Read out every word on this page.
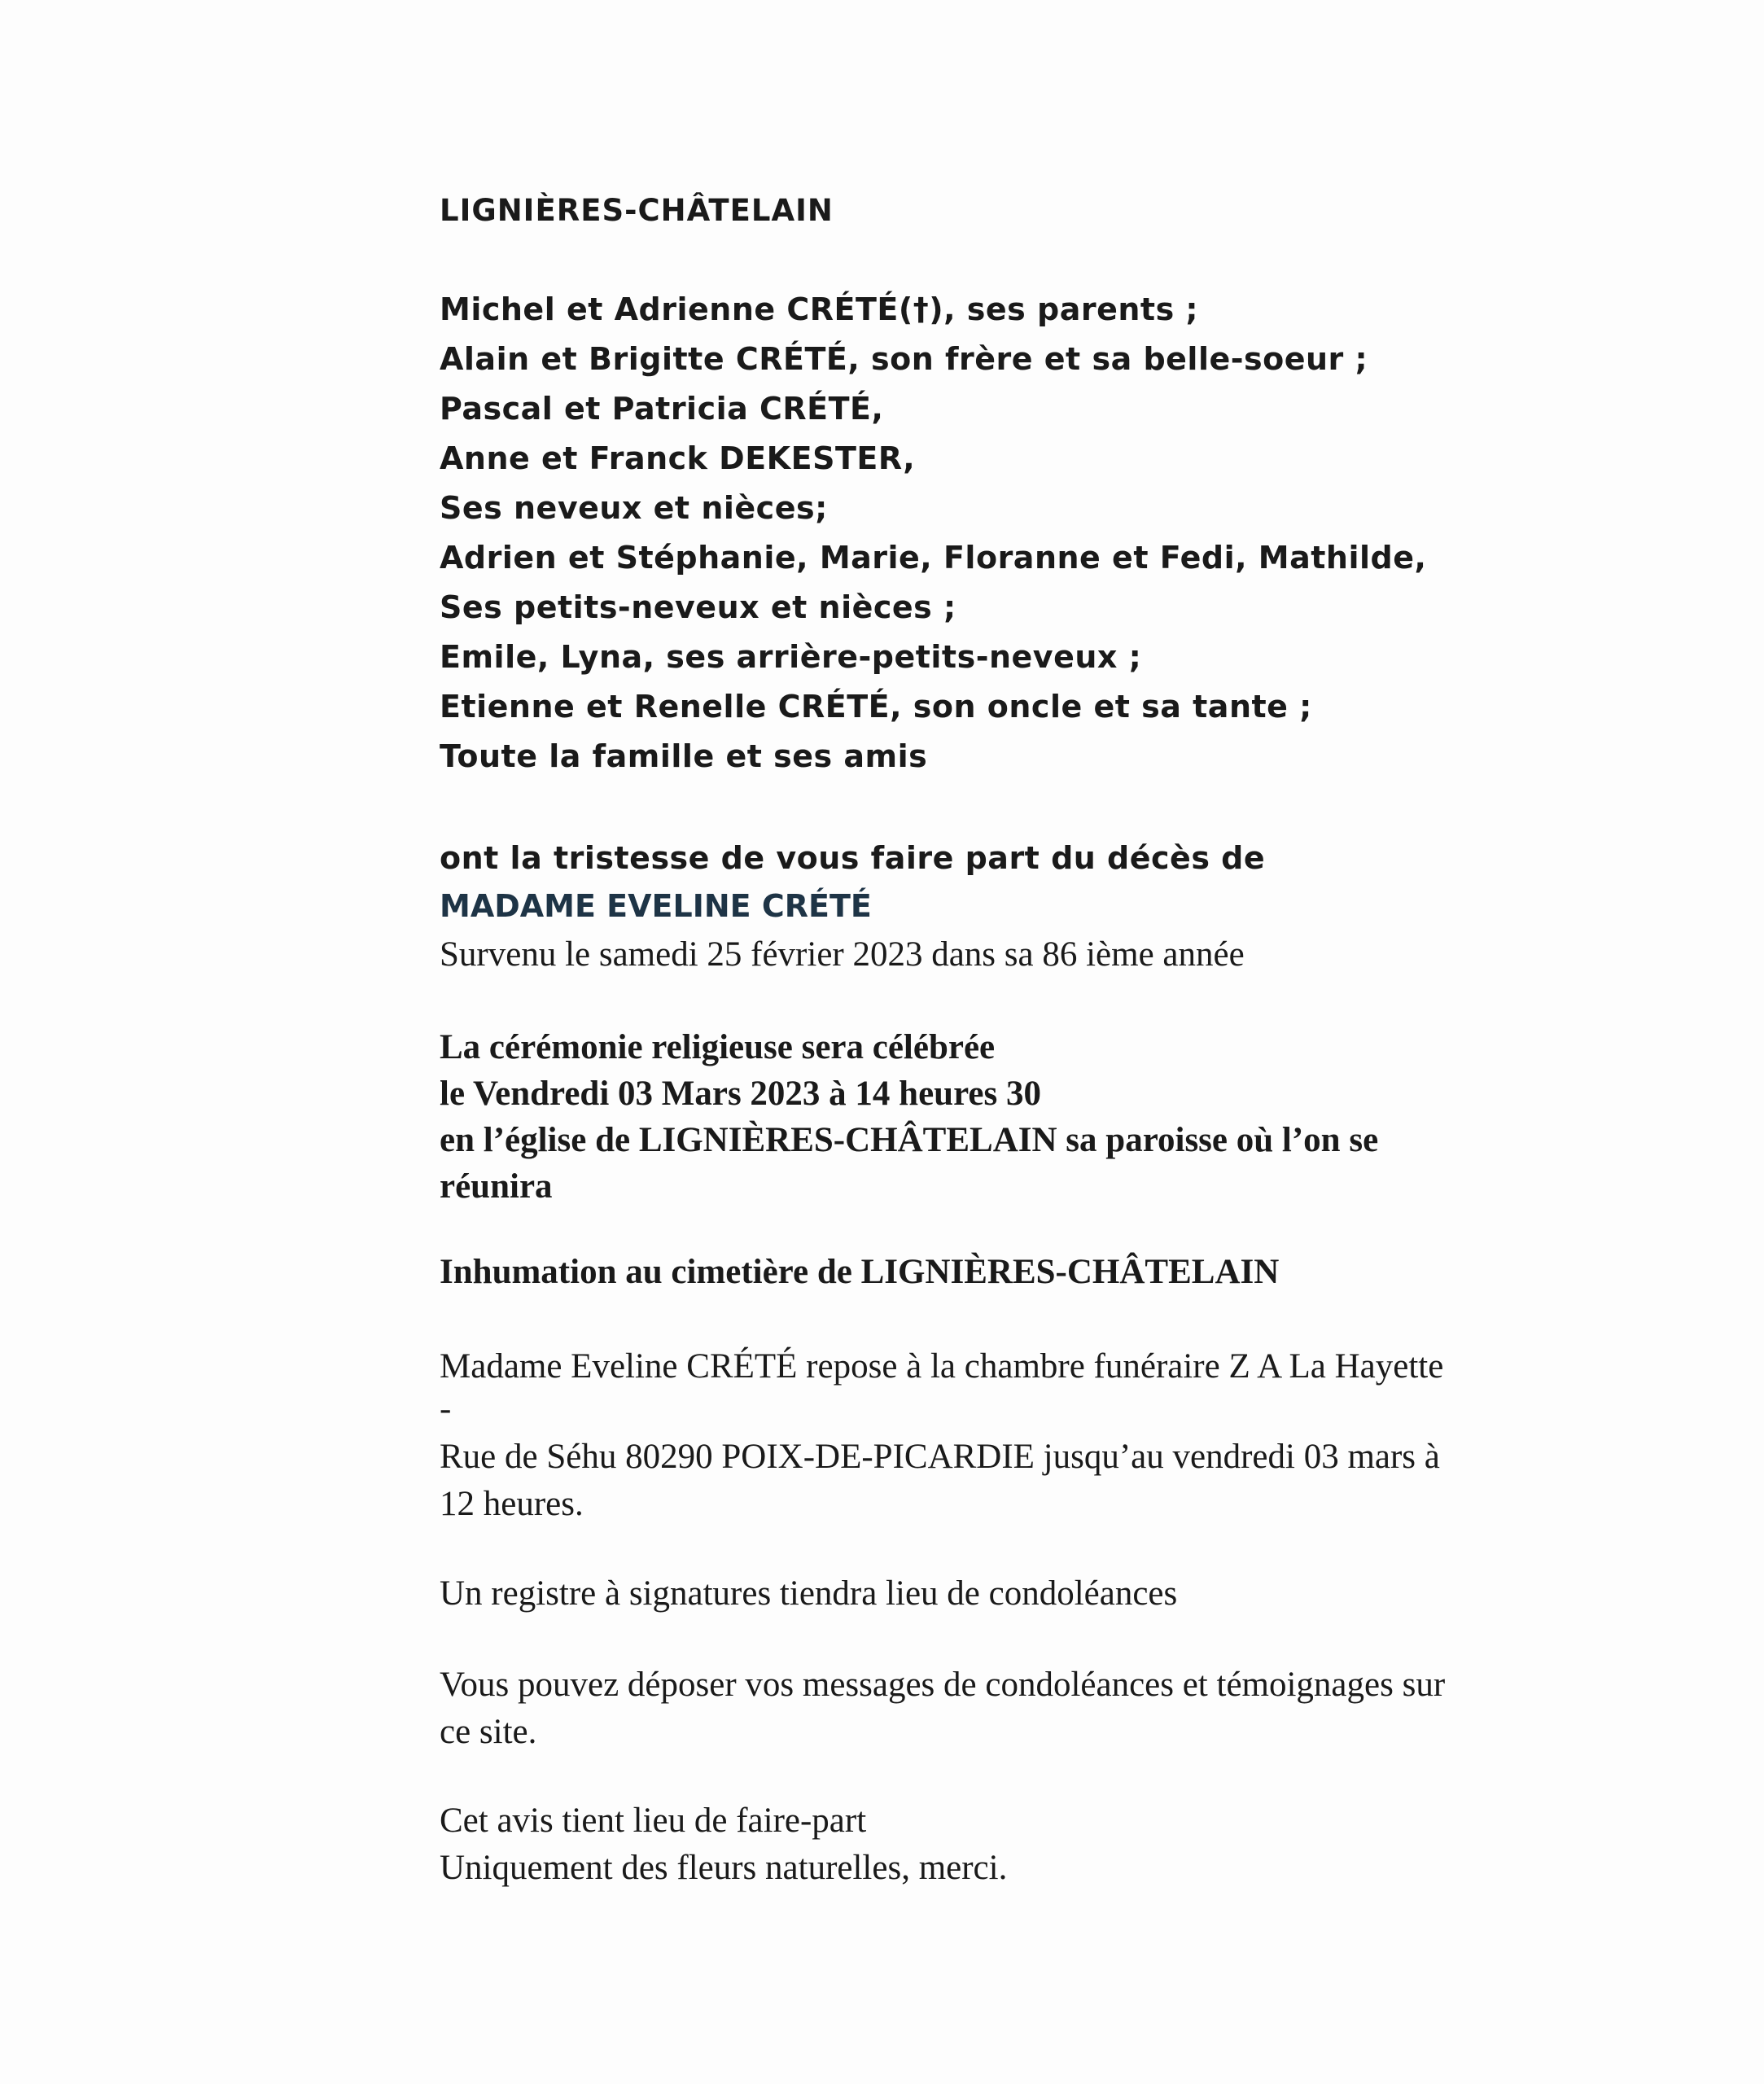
LIGNIÈRES-CHÂTELAIN
Michel et Adrienne CRÉTÉ(†), ses parents ;
Alain et Brigitte CRÉTÉ, son frère et sa belle-soeur ;
Pascal et Patricia CRÉTÉ,
Anne et Franck DEKESTER,
Ses neveux et nièces;
Adrien et Stéphanie, Marie, Floranne et Fedi, Mathilde,
Ses petits-neveux et nièces ;
Emile, Lyna, ses arrière-petits-neveux ;
Etienne et Renelle CRÉTÉ, son oncle et sa tante ;
Toute la famille et ses amis
ont la tristesse de vous faire part du décès de
MADAME EVELINE CRÉTÉ
Survenu le samedi 25 février 2023 dans sa 86 ième année
La cérémonie religieuse sera célébrée
le Vendredi 03 Mars 2023 à 14 heures 30
en l’église de LIGNIÈRES-CHÂTELAIN sa paroisse où l’on se
réunira
Inhumation au cimetière de LIGNIÈRES-CHÂTELAIN
Madame Eveline CRÉTÉ repose à la chambre funéraire Z A La Hayette
-
Rue de Séhu 80290 POIX-DE-PICARDIE jusqu’au vendredi 03 mars à
12 heures.
Un registre à signatures tiendra lieu de condoléances
Vous pouvez déposer vos messages de condoléances et témoignages sur
ce site.
Cet avis tient lieu de faire-part
Uniquement des fleurs naturelles, merci.
